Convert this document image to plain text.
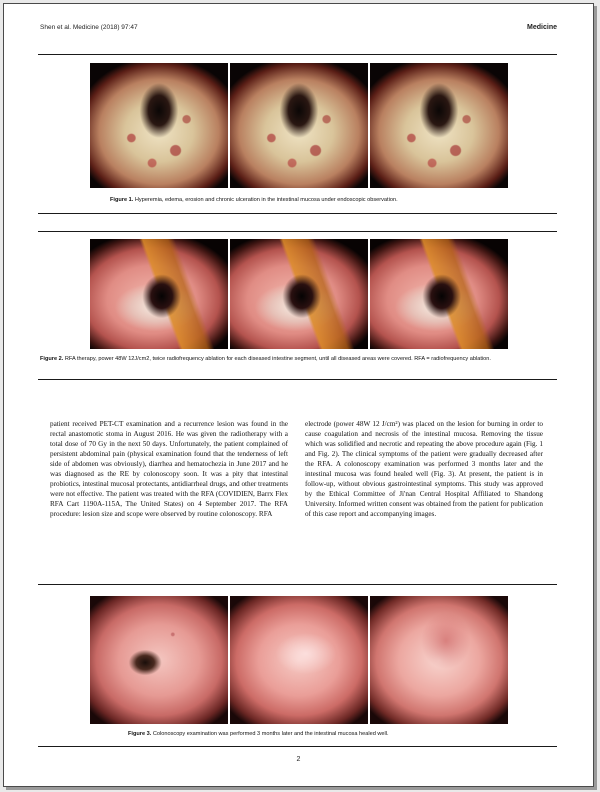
Shen et al. Medicine (2018) 97:47	Medicine
Figure 1. Hyperemia, edema, erosion and chronic ulceration in the intestinal mucosa under endoscopic observation.
Figure 2. RFA therapy, power 48W 12J/cm2, twice radiofrequency ablation for each diseased intestine segment, until all diseased areas were covered. RFA = radiofrequency ablation.
patient received PET-CT examination and a recurrence lesion was found in the rectal anastomotic stoma in August 2016. He was given the radiotherapy with a total dose of 70 Gy in the next 50 days. Unfortunately, the patient complained of persistent abdominal pain (physical examination found that the tenderness of left side of abdomen was obviously), diarrhea and hematochezia in June 2017 and he was diagnosed as the RE by colonoscopy soon. It was a pity that intestinal probiotics, intestinal mucosal protectants, antidiarrheal drugs, and other treatments were not effective. The patient was treated with the RFA (COVIDIEN, Barrx Flex RFA Cart 1190A-115A, The United States) on 4 September 2017. The RFA procedure: lesion size and scope were observed by routine colonoscopy. RFA
electrode (power 48W 12 J/cm²) was placed on the lesion for burning in order to cause coagulation and necrosis of the intestinal mucosa. Removing the tissue which was solidified and necrotic and repeating the above procedure again (Fig. 1 and Fig. 2). The clinical symptoms of the patient were gradually decreased after the RFA. A colonoscopy examination was performed 3 months later and the intestinal mucosa was found healed well (Fig. 3). At present, the patient is in follow-up, without obvious gastrointestinal symptoms. This study was approved by the Ethical Committee of Ji'nan Central Hospital Affiliated to Shandong University. Informed written consent was obtained from the patient for publication of this case report and accompanying images.
Figure 3. Colonoscopy examination was performed 3 months later and the intestinal mucosa healed well.
2
